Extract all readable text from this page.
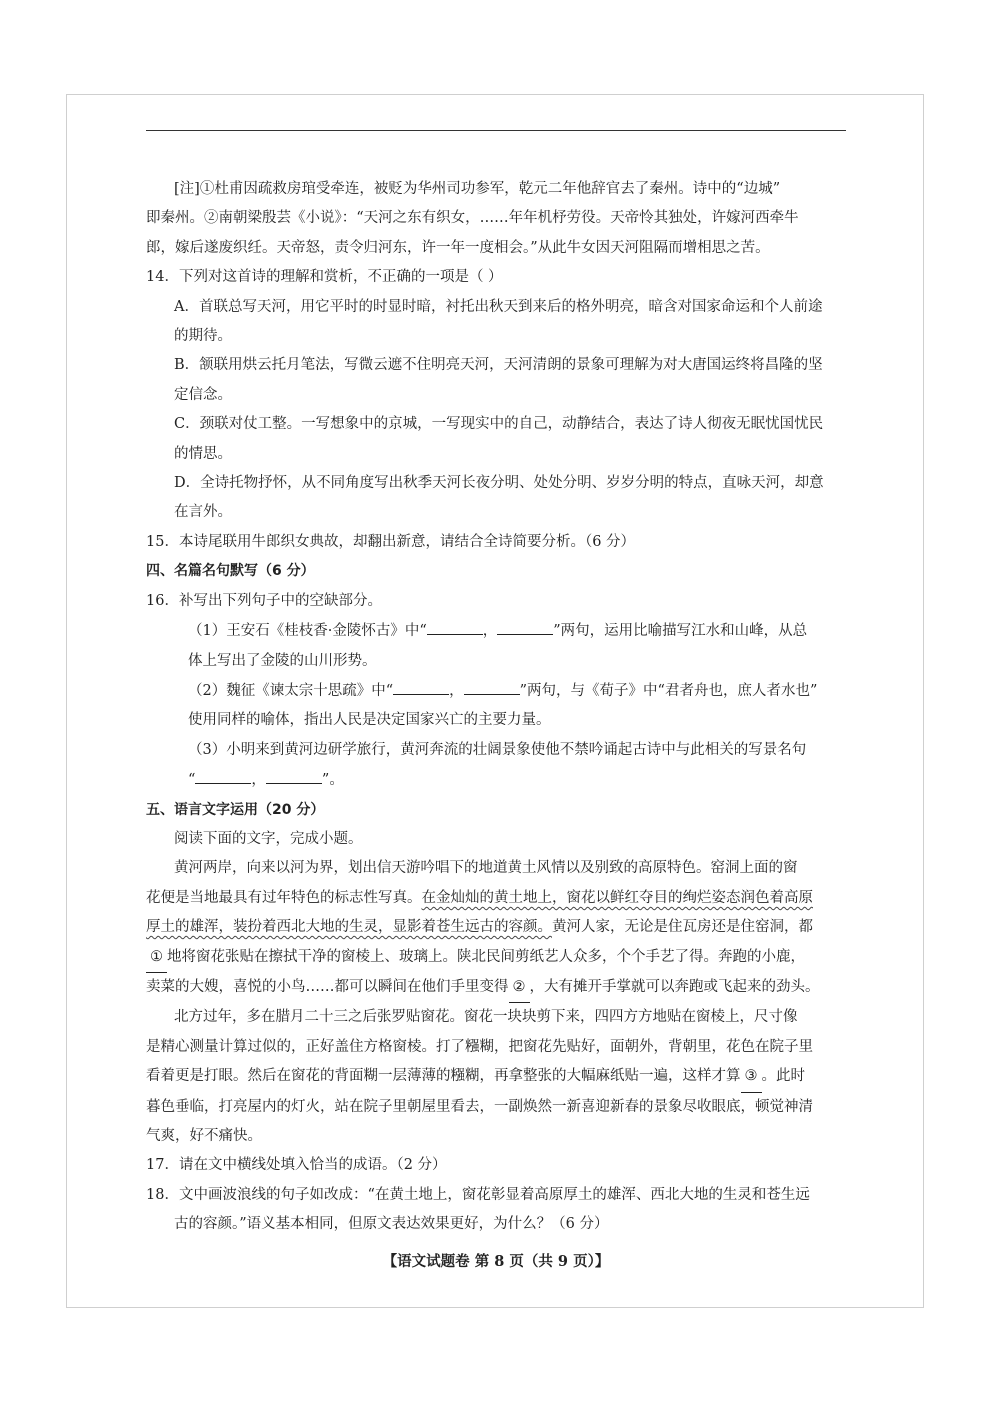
[注]①杜甫因疏救房琯受牵连，被贬为华州司功参军，乾元二年他辞官去了秦州。诗中的“边城”

即秦州。②南朝梁殷芸《小说》：“天河之东有织女，……年年机杼劳役。天帝怜其独处，许嫁河西牵牛

郎，嫁后遂废织纴。天帝怒，责令归河东，许一年一度相会。”从此牛女因天河阻隔而增相思之苦。

14．下列对这首诗的理解和赏析，不正确的一项是（ ）

A．首联总写天河，用它平时的时显时暗，衬托出秋天到来后的格外明亮，暗含对国家命运和个人前途

的期待。

B．颔联用烘云托月笔法，写微云遮不住明亮天河，天河清朗的景象可理解为对大唐国运终将昌隆的坚

定信念。

C．颈联对仗工整。一写想象中的京城，一写现实中的自己，动静结合，表达了诗人彻夜无眠忧国忧民

的情思。

D．全诗托物抒怀，从不同角度写出秋季天河长夜分明、处处分明、岁岁分明的特点，直咏天河，却意

在言外。

15．本诗尾联用牛郎织女典故，却翻出新意，请结合全诗简要分析。（6 分）

四、名篇名句默写（6 分）

16．补写出下列句子中的空缺部分。

（1）王安石《桂枝香·金陵怀古》中“	，	”两句，运用比喻描写江水和山峰，从总

体上写出了金陵的山川形势。

（2）魏征《谏太宗十思疏》中“	，	”两句，与《荀子》中“君者舟也，庶人者水也”

使用同样的喻体，指出人民是决定国家兴亡的主要力量。

（3）小明来到黄河边研学旅行，黄河奔流的壮阔景象使他不禁吟诵起古诗中与此相关的写景名句

“	，	”。

五、语言文字运用（20 分）

阅读下面的文字，完成小题。

黄河两岸，向来以河为界，划出信天游吟唱下的地道黄土风情以及别致的高原特色。窑洞上面的窗

花便是当地最具有过年特色的标志性写真。在金灿灿的黄土地上，窗花以鲜红夺目的绚烂姿态润色着高原

厚土的雄浑，装扮着西北大地的生灵，显影着苍生远古的容颜。黄河人家，无论是住瓦房还是住窑洞，都

① 地将窗花张贴在擦拭干净的窗棱上、玻璃上。陕北民间剪纸艺人众多，个个手艺了得。奔跑的小鹿，

卖菜的大嫂，喜悦的小鸟……都可以瞬间在他们手里变得 ② ，大有摊开手掌就可以奔跑或飞起来的劲头。

北方过年，多在腊月二十三之后张罗贴窗花。窗花一块块剪下来，四四方方地贴在窗棱上，尺寸像

是精心测量计算过似的，正好盖住方格窗棱。打了糨糊，把窗花先贴好，面朝外，背朝里，花色在院子里

看着更是打眼。然后在窗花的背面糊一层薄薄的糨糊，再拿整张的大幅麻纸贴一遍，这样才算 ③ 。此时

暮色垂临，打亮屋内的灯火，站在院子里朝屋里看去，一副焕然一新喜迎新春的景象尽收眼底，顿觉神清

气爽，好不痛快。

17．请在文中横线处填入恰当的成语。（2 分）

18．文中画波浪线的句子如改成：“在黄土地上，窗花彰显着高原厚土的雄浑、西北大地的生灵和苍生远

古的容颜。”语义基本相同，但原文表达效果更好，为什么？（6 分）

【语文试题卷 第 8 页（共 9 页）】
